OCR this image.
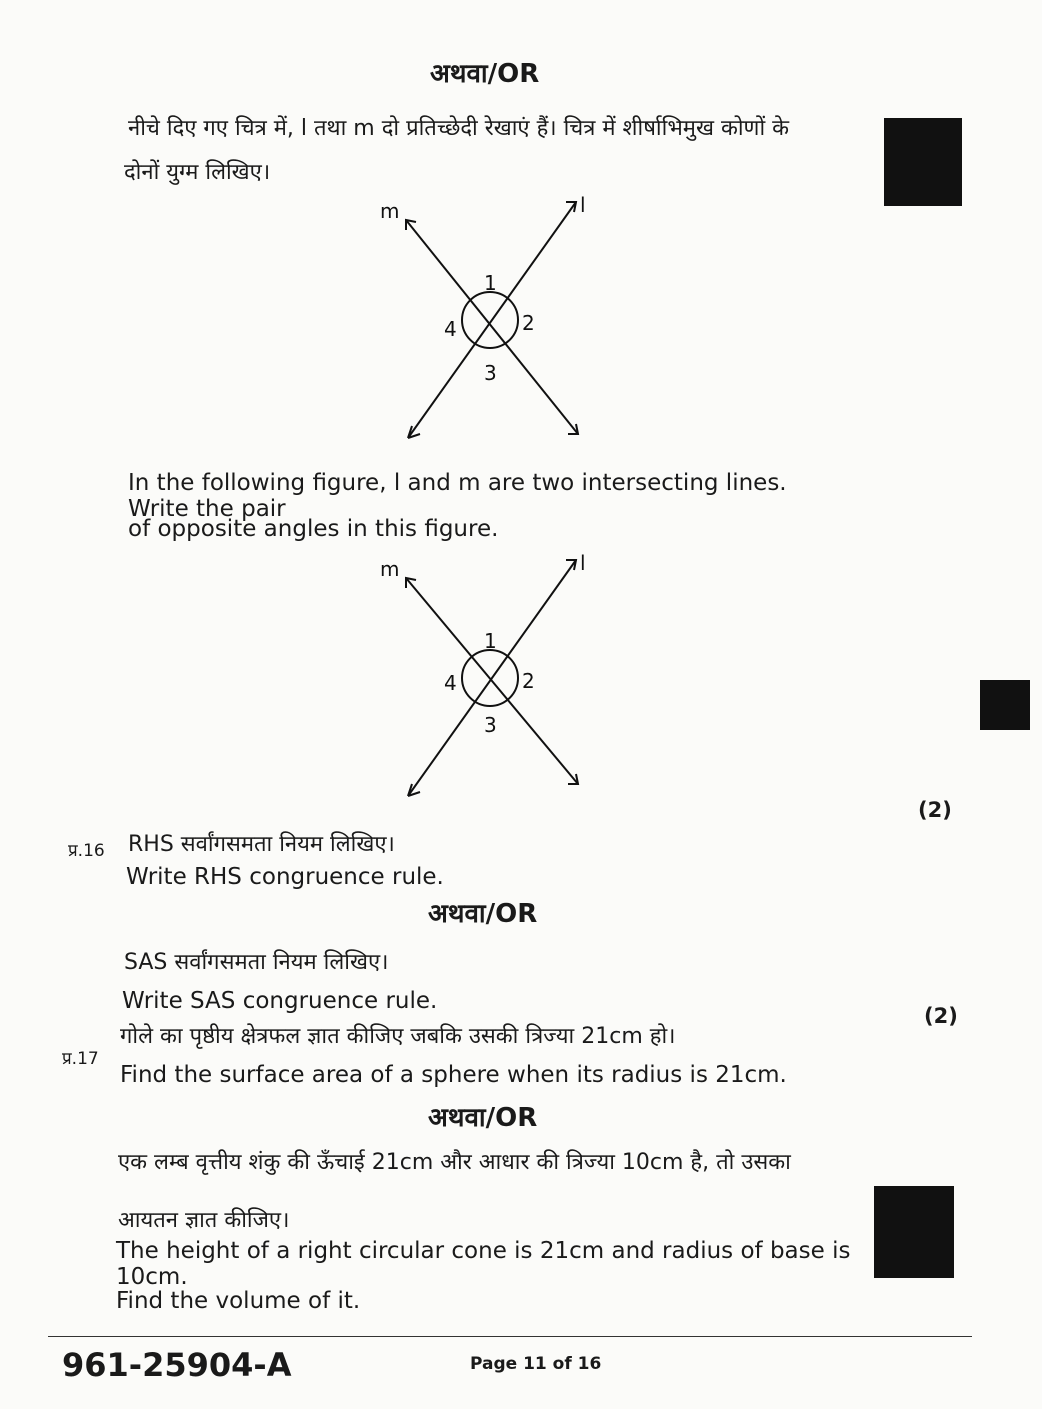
अथवा/OR
नीचे दिए गए चित्र में, l तथा m दो प्रतिच्छेदी रेखाएं हैं। चित्र में शीर्षाभिमुख कोणों के
दोनों युग्म लिखिए।
m	l
1
2
3
4
In the following figure, l and m are two intersecting lines. Write the pair
of opposite angles in this figure.
m	l
1
2
3
4
(2)
प्र.16 RHS सर्वांगसमता नियम लिखिए।
Write RHS congruence rule.
अथवा/OR
SAS सर्वांगसमता नियम लिखिए।
Write SAS congruence rule.
(2)
प्र.17
गोले का पृष्ठीय क्षेत्रफल ज्ञात कीजिए जबकि उसकी त्रिज्या 21cm हो।
Find the surface area of a sphere when its radius is 21cm.
अथवा/OR
एक लम्ब वृत्तीय शंकु की ऊँचाई 21cm और आधार की त्रिज्या 10cm है, तो उसका
आयतन ज्ञात कीजिए।
The height of a right circular cone is 21cm and radius of base is 10cm.
Find the volume of it.
961-25904-A	Page 11 of 16
